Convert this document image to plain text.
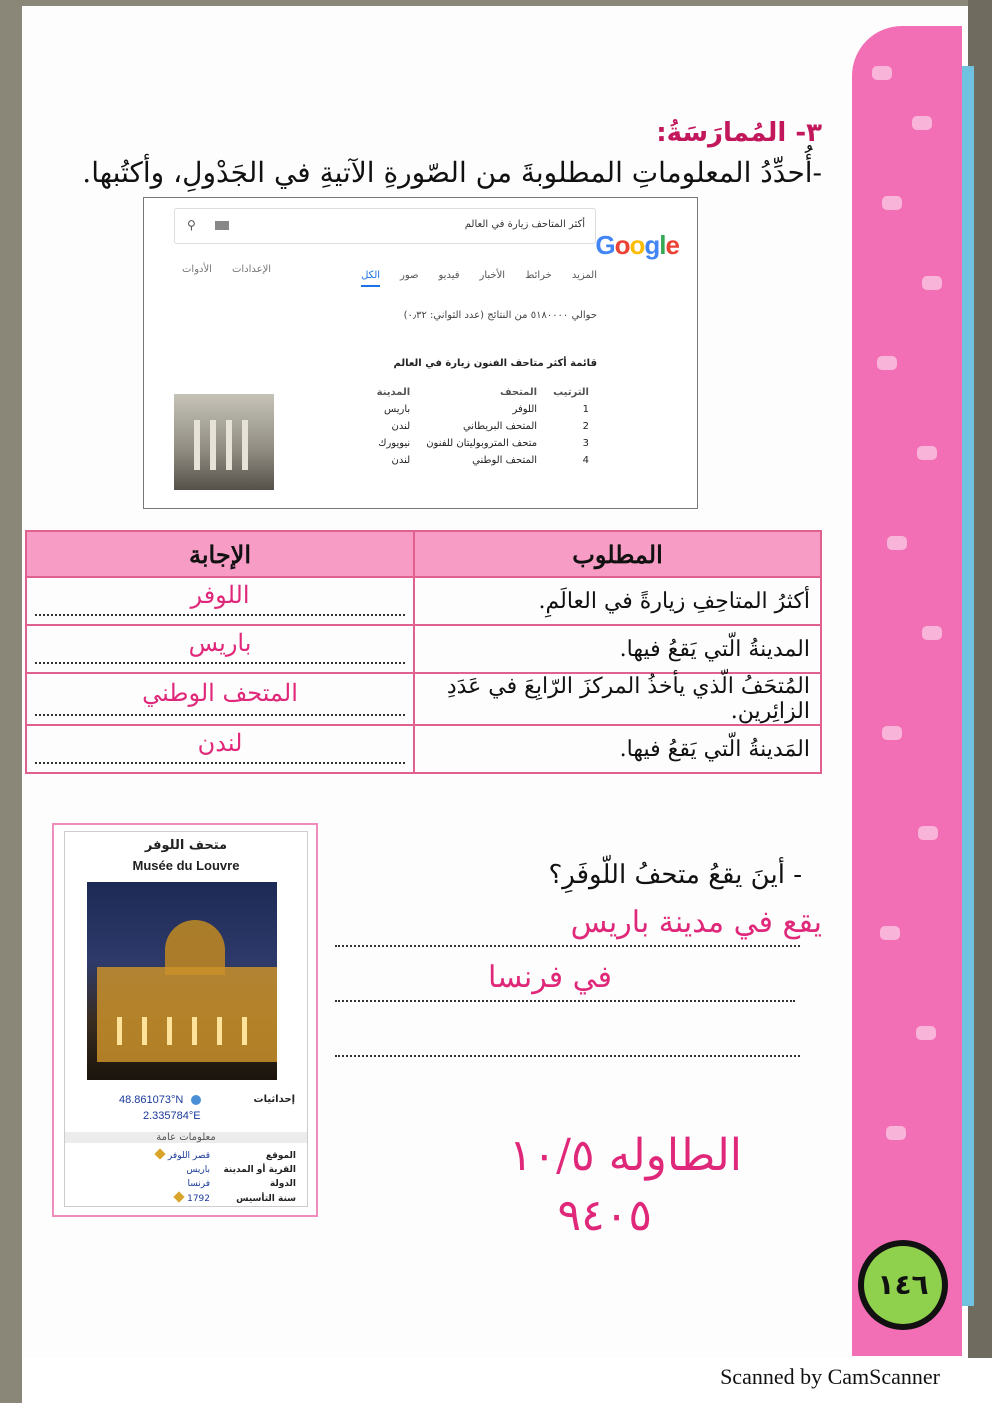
٣- المُمارَسَةُ:
-أُحدِّدُ المعلوماتِ المطلوبةَ من الصّورةِ الآتيةِ في الجَدْولِ، وأكتُبها.
⚲	أكثر المتاحف زيارة في العالم
Google
الكل صور فيديو الأخبار خرائط المزيد
الإعدادات
الأدوات
حوالي ٥١٨٠٠٠٠ من النتائج (عدد الثواني: ٠٫٣٢)
قائمة أكثر متاحف الفنون زيارة في العالم
الترتيب	المتحف	المدينة
1	اللوفر	باريس
2	المتحف البريطاني	لندن
3	متحف المتروبوليتان للفنون	نيويورك
4	المتحف الوطني	لندن
المطلوب	الإجابة
أكثرُ المتاحِفِ زيارةً في العالَمِ.	اللوفر
المدينةُ الّتي يَقعُ فيها.	باريس
المُتحَفُ الّذي يأخذُ المركزَ الرّابِعَ في عَدَدِ الزائِرين.	المتحف الوطني
المَدينةُ الّتي يَقعُ فيها.	لندن
متحف اللوفر
Musée du Louvre
إحداثيات
48.861073°N
2.335784°E
معلومات عامة
الموقع	قصر اللوفر
القرية أو المدينة	باريس
الدولة	فرنسا
سنة التأسيس	1792
- أينَ يقعُ متحفُ اللّوفَرِ؟
يقع في مدينة باريس
في فرنسا
الطاوله ١٠/٥
٩٤٠٥
١٤٦
Scanned by CamScanner
